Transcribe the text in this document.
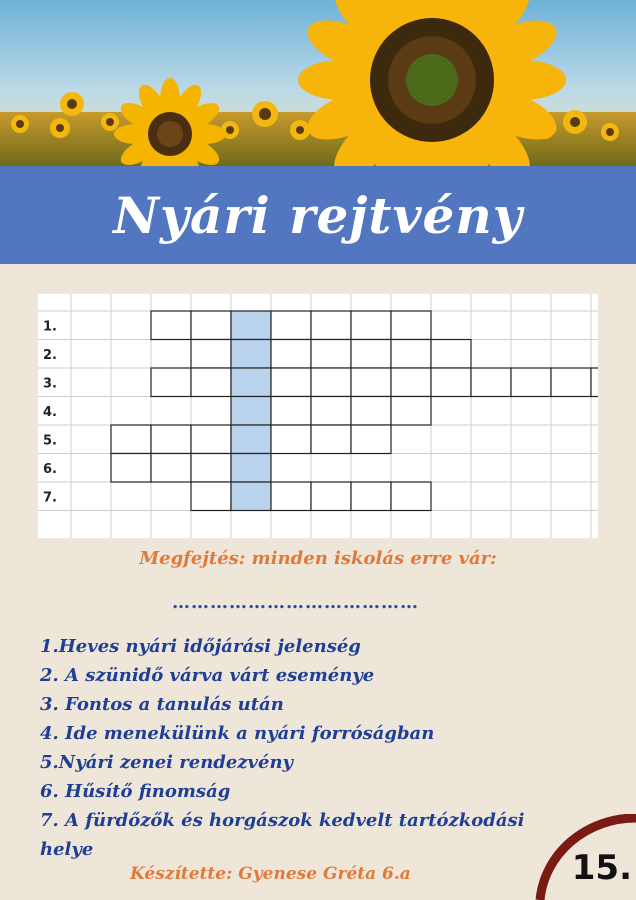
Nyári rejtvény
1.
2.
3.
4.
5.
6.
7.
Megfejtés: minden iskolás erre vár:
…………………………………
1.Heves nyári időjárási jelenség
2. A szünidő várva várt eseménye
3. Fontos a tanulás után
4. Ide menekülünk a nyári forróságban
5.Nyári zenei rendezvény
6. Hűsítő finomság
7. A fürdőzők és horgászok kedvelt tartózkodási helye
Készítette: Gyenese Gréta 6.a	15.
